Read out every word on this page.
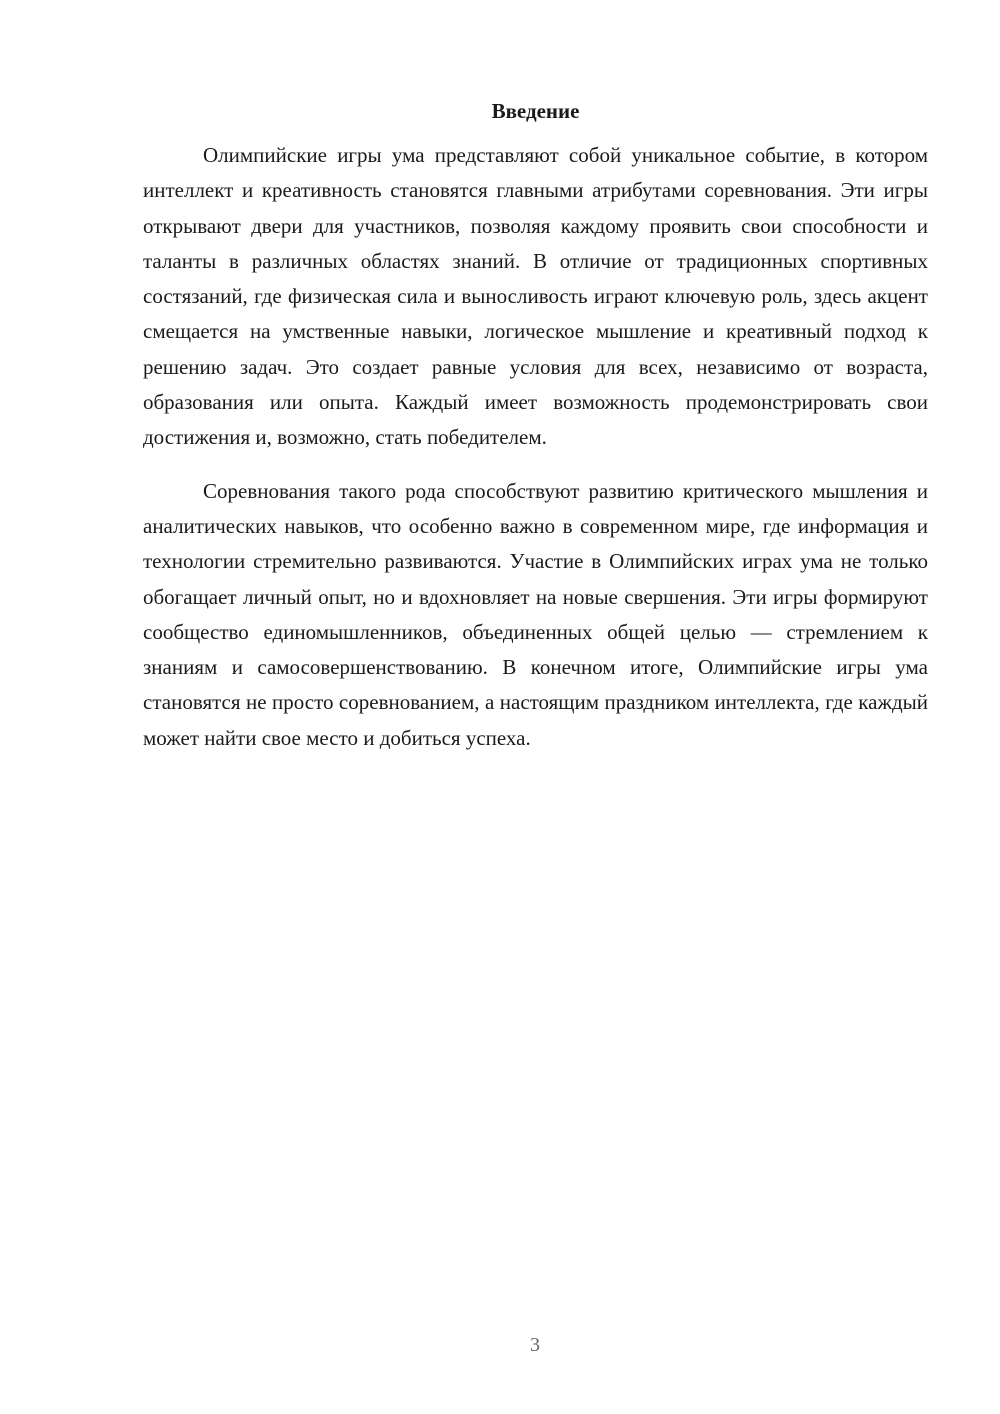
Введение

Олимпийские игры ума представляют собой уникальное событие, в котором интеллект и креативность становятся главными атрибутами соревнования. Эти игры открывают двери для участников, позволяя каждому проявить свои способности и таланты в различных областях знаний. В отличие от традиционных спортивных состязаний, где физическая сила и выносливость играют ключевую роль, здесь акцент смещается на умственные навыки, логическое мышление и креативный подход к решению задач. Это создает равные условия для всех, независимо от возраста, образования или опыта. Каждый имеет возможность продемонстрировать свои достижения и, возможно, стать победителем.

Соревнования такого рода способствуют развитию критического мышления и аналитических навыков, что особенно важно в современном мире, где информация и технологии стремительно развиваются. Участие в Олимпийских играх ума не только обогащает личный опыт, но и вдохновляет на новые свершения. Эти игры формируют сообщество единомышленников, объединенных общей целью — стремлением к знаниям и самосовершенствованию. В конечном итоге, Олимпийские игры ума становятся не просто соревнованием, а настоящим праздником интеллекта, где каждый может найти свое место и добиться успеха.

3
